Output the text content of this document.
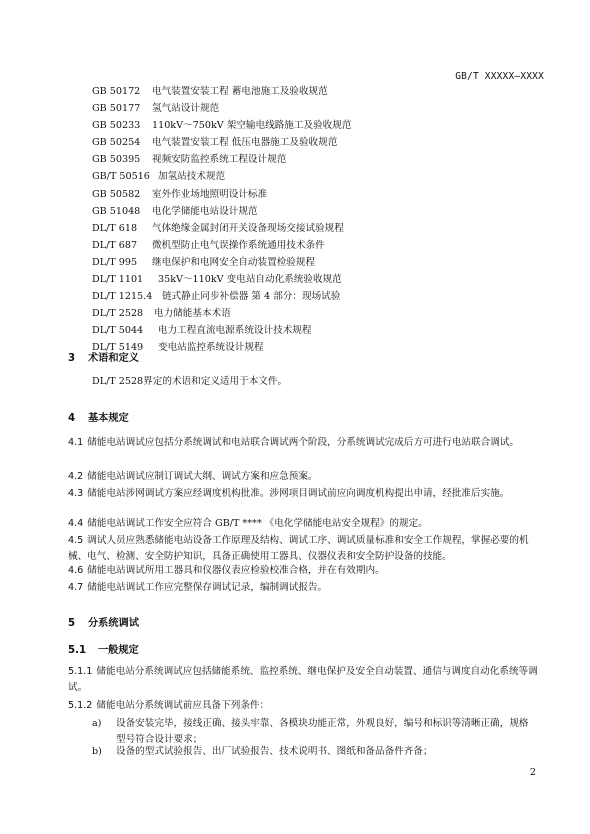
GB/T XXXXX—XXXX
GB 50172	电气装置安装工程 蓄电池施工及验收规范
GB 50177	氢气站设计规范
GB 50233	110kV～750kV 架空输电线路施工及验收规范
GB 50254	电气装置安装工程 低压电器施工及验收规范
GB 50395	视频安防监控系统工程设计规范
GB/T 50516 加氢站技术规范
GB 50582	室外作业场地照明设计标准
GB 51048	电化学储能电站设计规范
DL/T 618	气体绝缘金属封闭开关设备现场交接试验规程
DL/T 687	微机型防止电气误操作系统通用技术条件
DL/T 995	继电保护和电网安全自动装置检验规程
DL/T 1101	35kV～110kV 变电站自动化系统验收规范
DL/T 1215.4 链式静止同步补偿器 第 4 部分：现场试验
DL/T 2528 电力储能基本术语
DL/T 5044	电力工程直流电源系统设计技术规程
DL/T 5149	变电站监控系统设计规程
3 术语和定义
DL/T 2528界定的术语和定义适用于本文件。
4 基本规定
4.1 储能电站调试应包括分系统调试和电站联合调试两个阶段，分系统调试完成后方可进行电站联合调试。
4.2 储能电站调试应制订调试大纲、调试方案和应急预案。
4.3 储能电站涉网调试方案应经调度机构批准。涉网项目调试前应向调度机构提出申请，经批准后实施。
4.4 储能电站调试工作安全应符合 GB/T **** 《电化学储能电站安全规程》的规定。
4.5 调试人员应熟悉储能电站设备工作原理及结构、调试工序、调试质量标准和安全工作规程，掌握必要的机械、电气、检测、安全防护知识，具备正确使用工器具、仪器仪表和安全防护设备的技能。
4.6 储能电站调试所用工器具和仪器仪表应检验校准合格，并在有效期内。
4.7 储能电站调试工作应完整保存调试记录，编制调试报告。
5 分系统调试
5.1 一般规定
5.1.1 储能电站分系统调试应包括储能系统、监控系统、继电保护及安全自动装置、通信与调度自动化系统等调试。
5.1.2 储能电站分系统调试前应具备下列条件：
a) 设备安装完毕，接线正确、接头牢靠、各模块功能正常，外观良好，编号和标识等清晰正确，规格型号符合设计要求；
b) 设备的型式试验报告、出厂试验报告、技术说明书、图纸和备品备件齐备；
2
